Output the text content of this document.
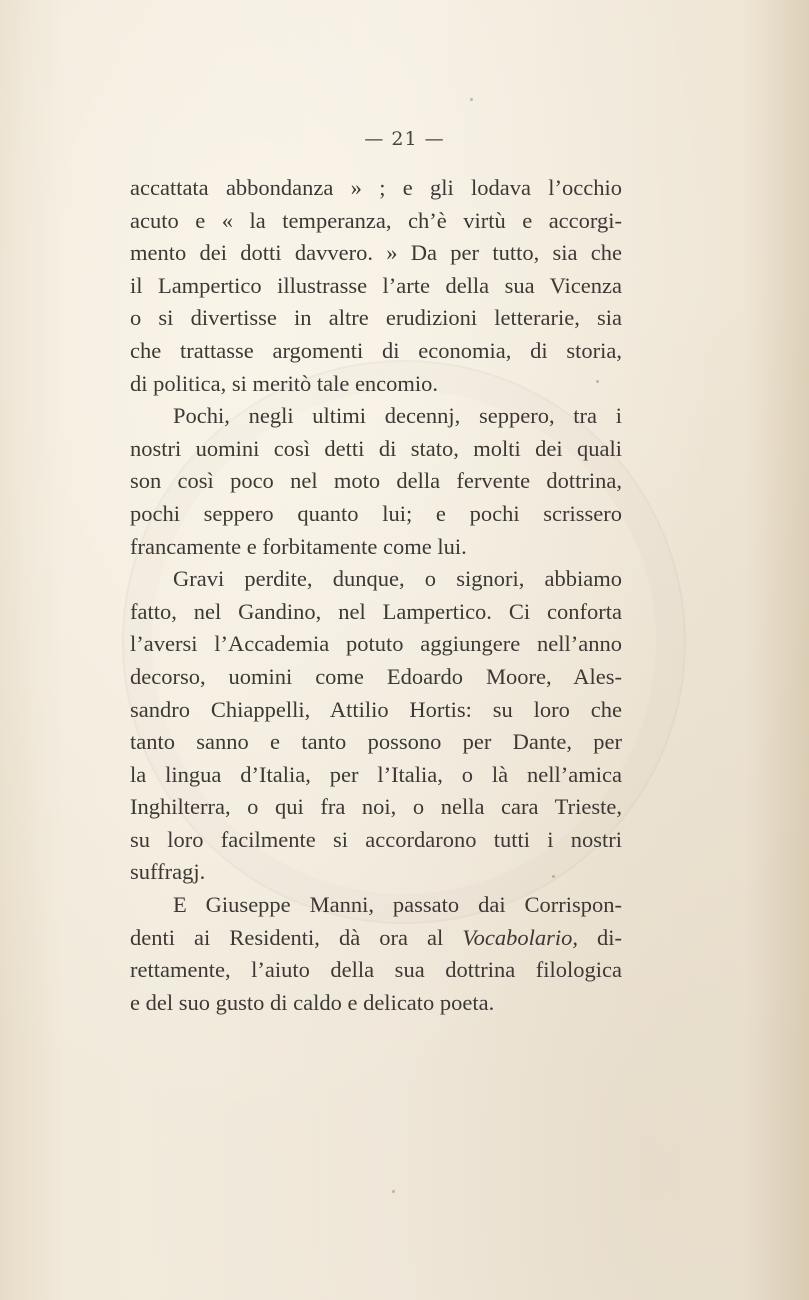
— 21 —
accattata abbondanza » ; e gli lodava l’occhio
acuto e « la temperanza, ch’è virtù e accorgi-
mento dei dotti davvero. » Da per tutto, sia che
il Lampertico illustrasse l’arte della sua Vicenza
o si divertisse in altre erudizioni letterarie, sia
che trattasse argomenti di economia, di storia,
di politica, si meritò tale encomio.
Pochi, negli ultimi decennj, seppero, tra i
nostri uomini così detti di stato, molti dei quali
son così poco nel moto della fervente dottrina,
pochi seppero quanto lui; e pochi scrissero
francamente e forbitamente come lui.
Gravi perdite, dunque, o signori, abbiamo
fatto, nel Gandino, nel Lampertico. Ci conforta
l’aversi l’Accademia potuto aggiungere nell’anno
decorso, uomini come Edoardo Moore, Ales-
sandro Chiappelli, Attilio Hortis: su loro che
tanto sanno e tanto possono per Dante, per
la lingua d’Italia, per l’Italia, o là nell’amica
Inghilterra, o qui fra noi, o nella cara Trieste,
su loro facilmente si accordarono tutti i nostri
suffragj.
E Giuseppe Manni, passato dai Corrispon-
denti ai Residenti, dà ora al Vocabolario, di-
rettamente, l’aiuto della sua dottrina filologica
e del suo gusto di caldo e delicato poeta.
